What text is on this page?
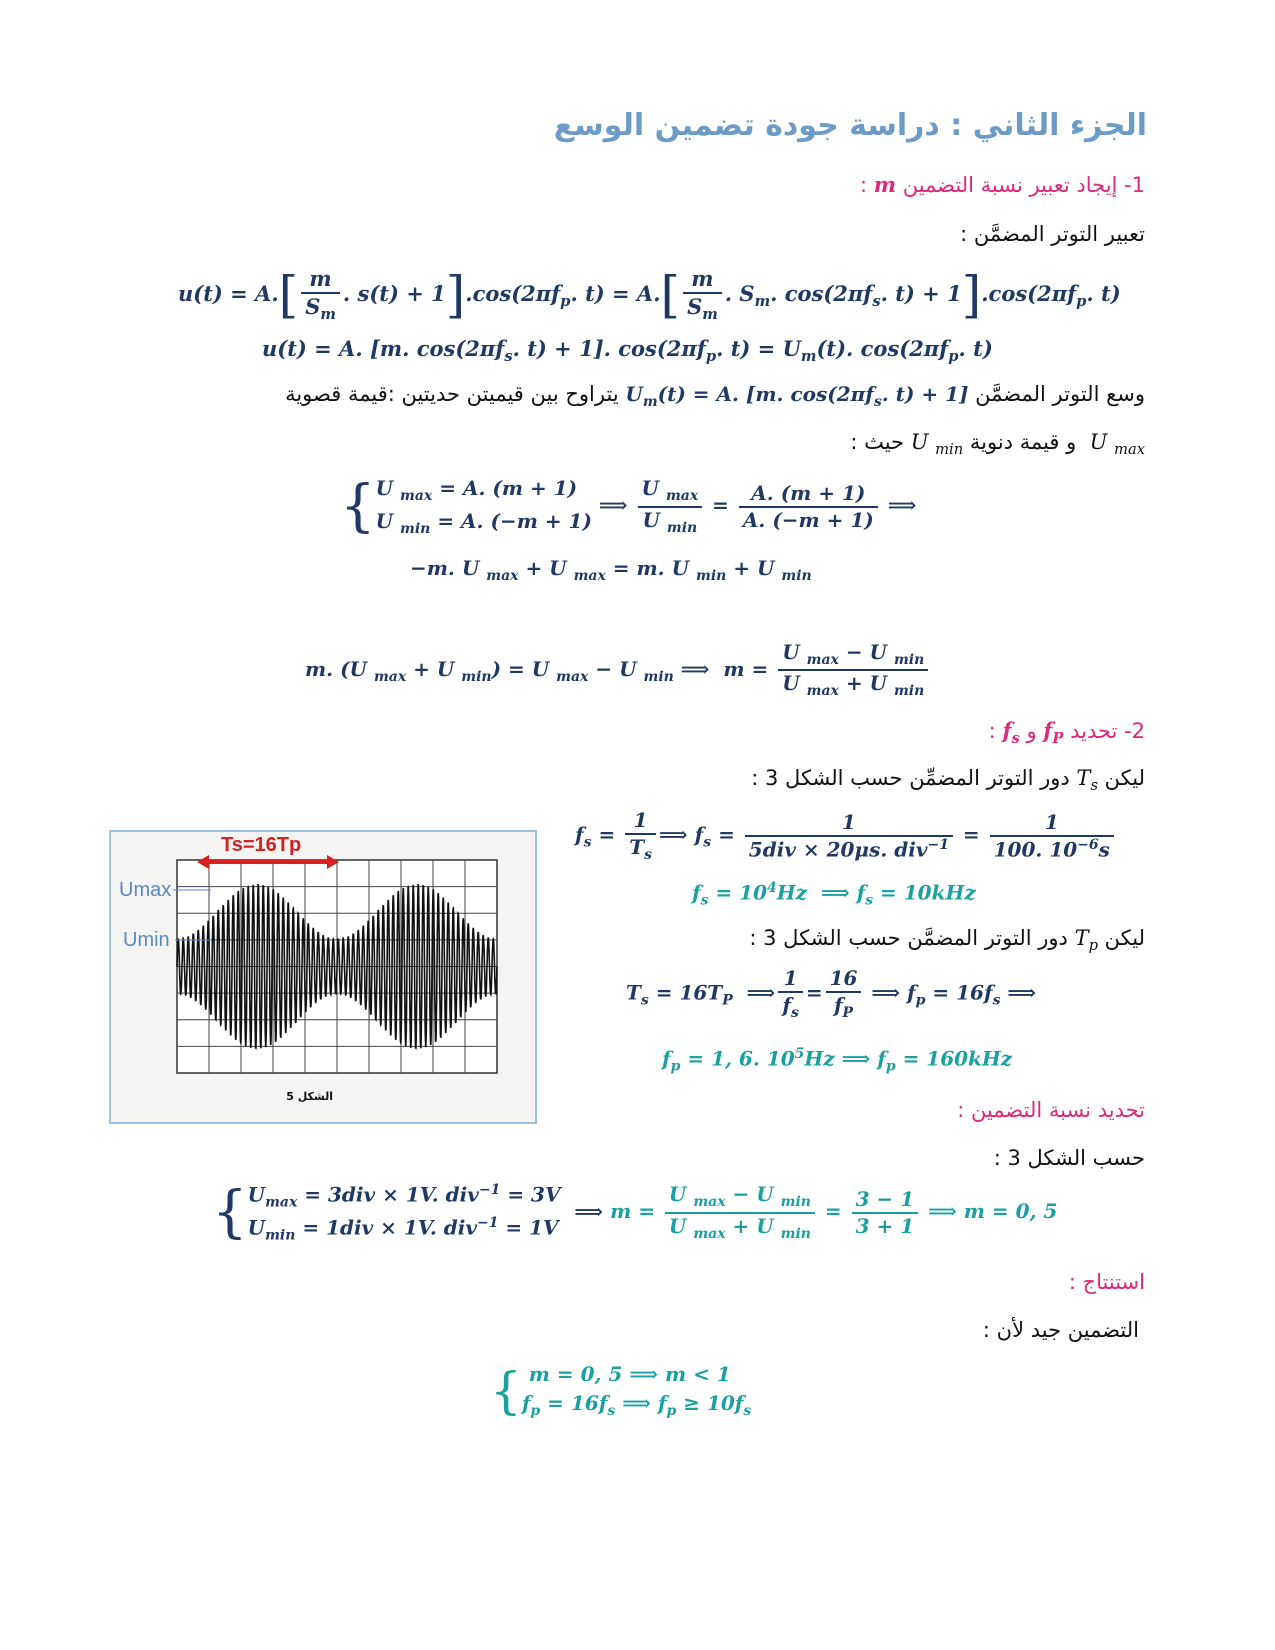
الجزء الثاني : دراسة جودة تضمين الوسع
1- إيجاد تعبير نسبة التضمين m :
تعبير التوتر المضمَّن :
$u(t) = A.[ \frac{m}{S_m}$ . $s(t) + 1].\cos(2\pi f_p$. $t) = A.[ \frac{m}{S_m}$ . $S_m$. $\cos(2\pi f_s$. $t) + 1].\cos(2\pi f_p$. t)
u(t) = A. [m. $\cos(2\pi f_s$. t) + 1]. $\cos(2\pi f_p$. $t) = U_m(t)$. $\cos(2\pi f_p$. t)
وسع التوتر المضمَّن $U_m(t) = A$. [m. $\cos(2\pi f_s$. t) + 1] يتراوح بين قيميتن حديتين :قيمة قصوية
U $_{max}$  و قيمة دنوية U $_{min}$ حيث :
{U $_{max}$ = A. (m + 1)
U $_{min}$ = A. (−m + 1) ⟹ $\frac{U _{max}}{U _{min}} = \frac{A. (m + 1)}{A. (-m + 1)}$ ⟹
−m. U $_{max}$ + U $_{max}$ = m. U $_{min}$ + U $_{min}$
m. (U $_{max}$ + U $_{min}$) = U $_{max}$ − U $_{min}$ ⟹  $m = \frac{U _{max} - U _{min}}{U _{max} + U _{min}}$
2- تحديد $f_P$ و $f_s$ :
ليكن $T_s$ دور التوتر المضمِّن حسب الشكل 3 :
Ts=16Tp
Umax
Umin
الشكل 5
$f_s = \frac{1}{T_s}$ ⟹ $f_s = \frac{1}{5div \times 20\mu s. div^{-1}} = \frac{1}{100. 10^{-6}s}$
$f_s = 10^4Hz$  ⟹ $f_s = 10kHz$
ليكن $T_p$ دور التوتر المضمَّن حسب الشكل 3 :
$T_s = 16T_P$  ⟹ $\frac{1}{f_s} = \frac{16}{f_P}$ ⟹ $f_p = 16f_s$ ⟹
$f_p = 1$, 6. $10^5Hz$ ⟹ $f_p = 160kHz$
تحديد نسبة التضمين :
حسب الشكل 3 :
{$U_{max} = 3div \times 1V$. div$^{-1}$ = 3V
$U_{min} = 1div \times 1V$. div$^{-1}$ = 1V  ⟹ $m = \frac{U _{max} - U _{min}}{U _{max} + U _{min}} = \frac{3 - 1}{3 + 1}$ ⟹ m = 0, 5
استنتاج :
التضمين جيد لأن :
{ m = 0, 5 ⟹ m < 1
$f_p = 16f_s$ ⟹ $f_p \ge 10f_s$
